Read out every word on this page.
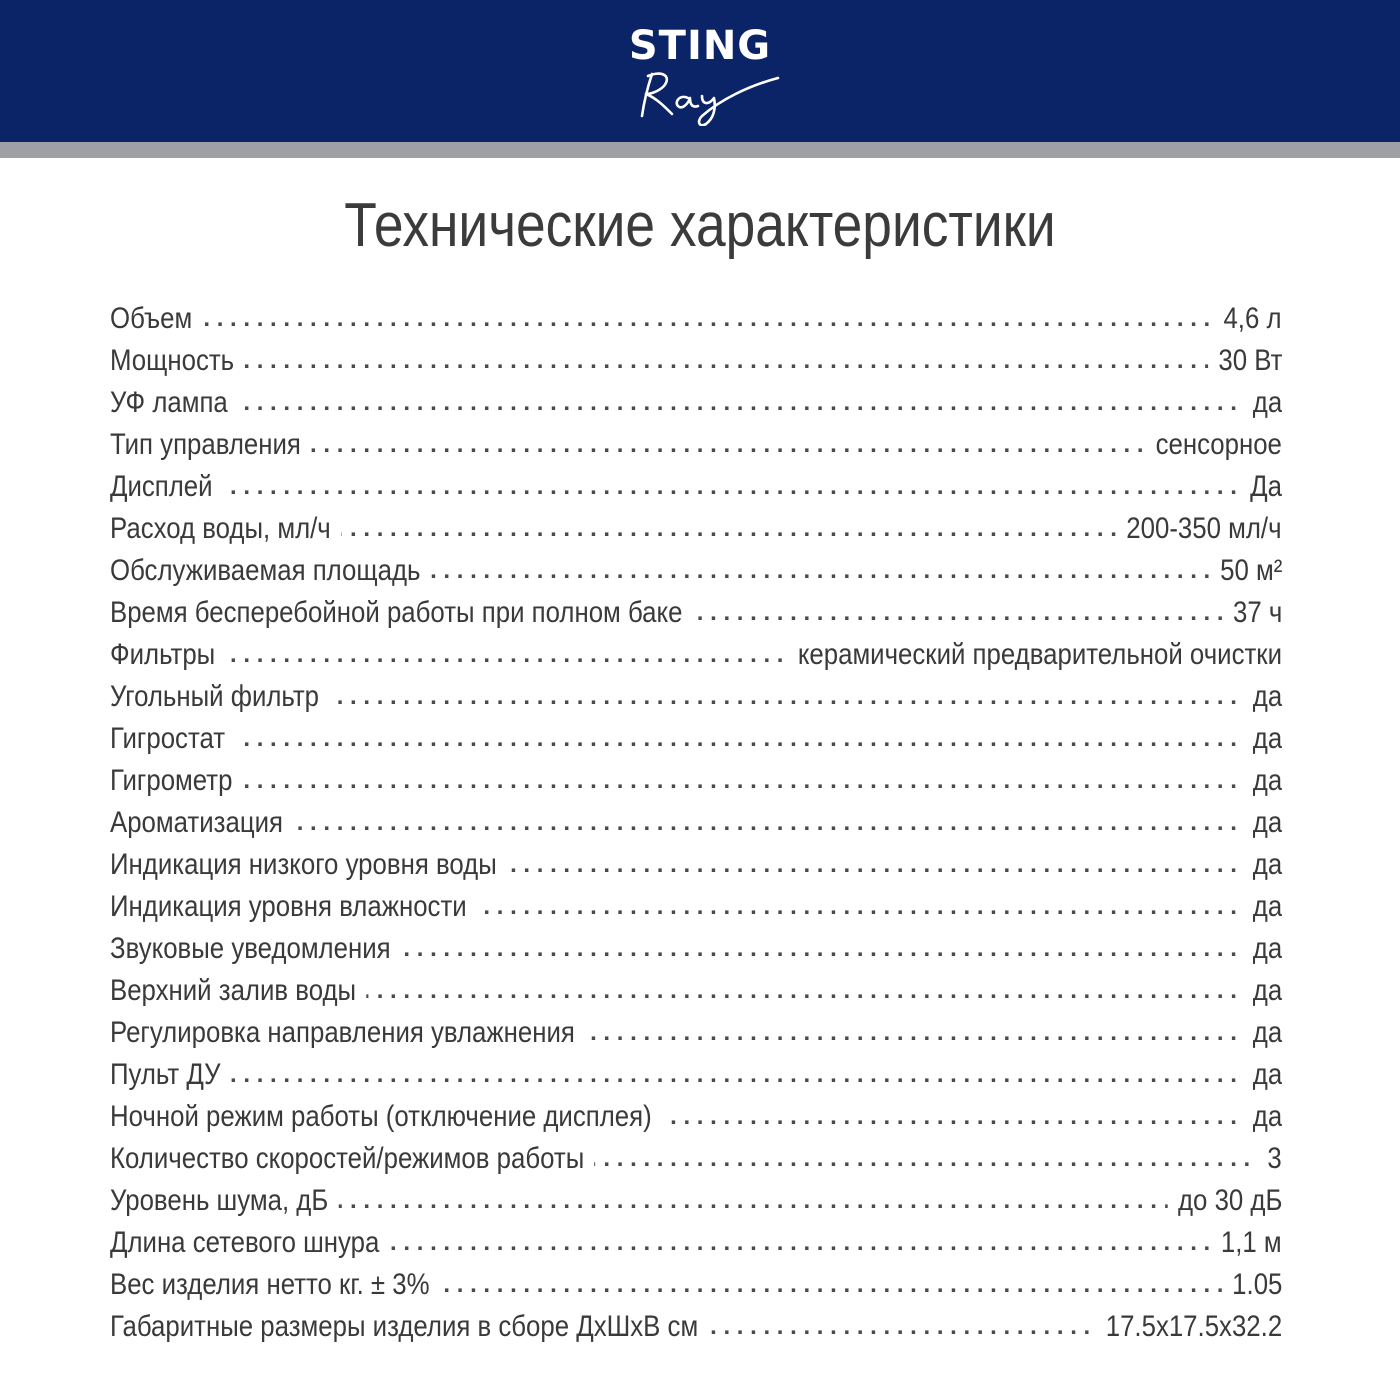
STING
Технические характеристики
. . . Объем	4,6 л
. . . Мощность	30 Вт
. . . УФ лампа	да
. . . Тип управления	сенсорное
. . . Дисплей	Да
. . . Расход воды, мл/ч	200-350 мл/ч
. . . Обслуживаемая площадь	50 м²
. . . Время бесперебойной работы при полном баке	37 ч
. . . Фильтры	керамический предварительной очистки
. . . Угольный фильтр	да
. . . Гигростат	да
. . . Гигрометр	да
. . . Ароматизация	да
. . . Индикация низкого уровня воды	да
. . . Индикация уровня влажности	да
. . . Звуковые уведомления	да
. . . Верхний залив воды	да
. . . Регулировка направления увлажнения	да
. . . Пульт ДУ	да
. . . Ночной режим работы (отключение дисплея)	да
. . . Количество скоростей/режимов работы	3
. . . Уровень шума, дБ	до 30 дБ
. . . Длина сетевого шнура	1,1 м
. . . Вес изделия нетто кг. ± 3%	1.05
. . . Габаритные размеры изделия в сборе ДхШхВ см	17.5x17.5x32.2
